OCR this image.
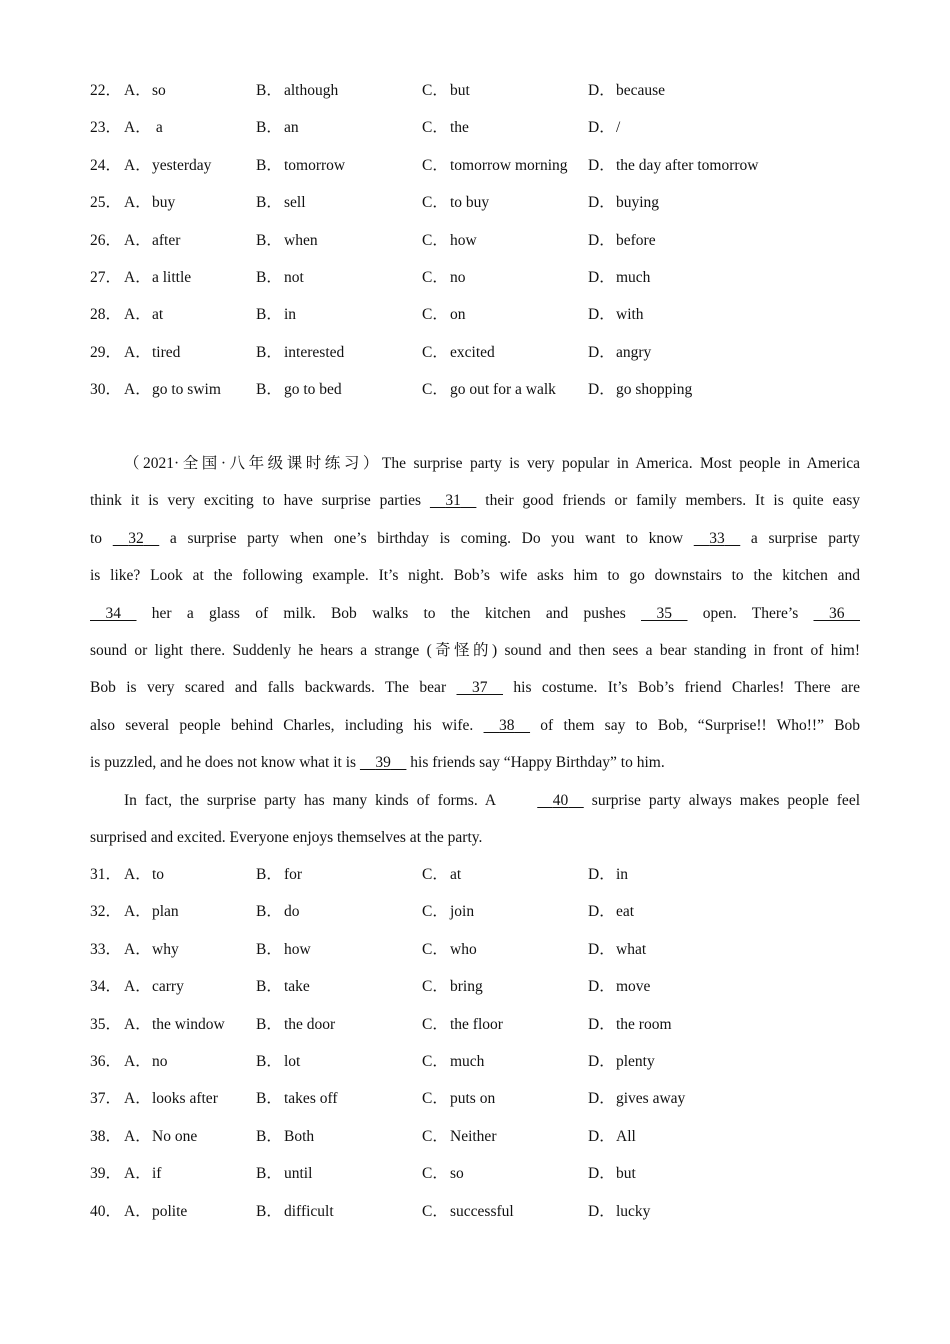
22． A．so	B． although	C． but	D．because
23． A． a	B． an	C． the	D．/
24． A．yesterday	B． tomorrow	C． tomorrow morning D．the day after tomorrow
25． A．buy	B． sell	C． to buy	D．buying
26． A．after	B． when	C． how	D．before
27． A．a little	B． not	C． no	D．much
28． A．at	B． in	C． on	D．with
29． A．tired	B． interested	C． excited	D．angry
30． A．go to swim B． go to bed	C． go out for a walk D．go shopping
（2021·全国·八年级课时练习）The surprise party is very popular in America. Most people in America
think it is very exciting to have surprise parties 31 their good friends or family members. It is quite easy
to 32 a surprise party when one’s birthday is coming. Do you want to know 33 a surprise party
is like? Look at the following example. It’s night. Bob’s wife asks him to go downstairs to the kitchen and
34 her a glass of milk. Bob walks to the kitchen and pushes 35 open. There’s 36
sound or light there. Suddenly he hears a strange (奇怪的) sound and then sees a bear standing in front of him!
Bob is very scared and falls backwards. The bear 37 his costume. It’s Bob’s friend Charles! There are
also several people behind Charles, including his wife. 38 of them say to Bob, “Surprise!! Who!!” Bob
is puzzled, and he does not know what it is 39 his friends say “Happy Birthday” to him.
In fact, the surprise party has many kinds of forms. A	40 surprise party always makes people feel
surprised and excited. Everyone enjoys themselves at the party.
31． A．to	B． for	C． at	D．in
32． A．plan	B． do	C． join	D．eat
33． A．why	B． how	C． who	D．what
34． A．carry	B． take	C． bring	D．move
35． A．the window B． the door	C． the floor	D．the room
36． A．no	B． lot	C． much	D．plenty
37． A．looks after B． takes off	C． puts on	D．gives away
38． A．No one	B． Both	C． Neither	D．All
39． A．if	B． until	C． so	D．but
40． A．polite	B． difficult	C． successful	D．lucky
